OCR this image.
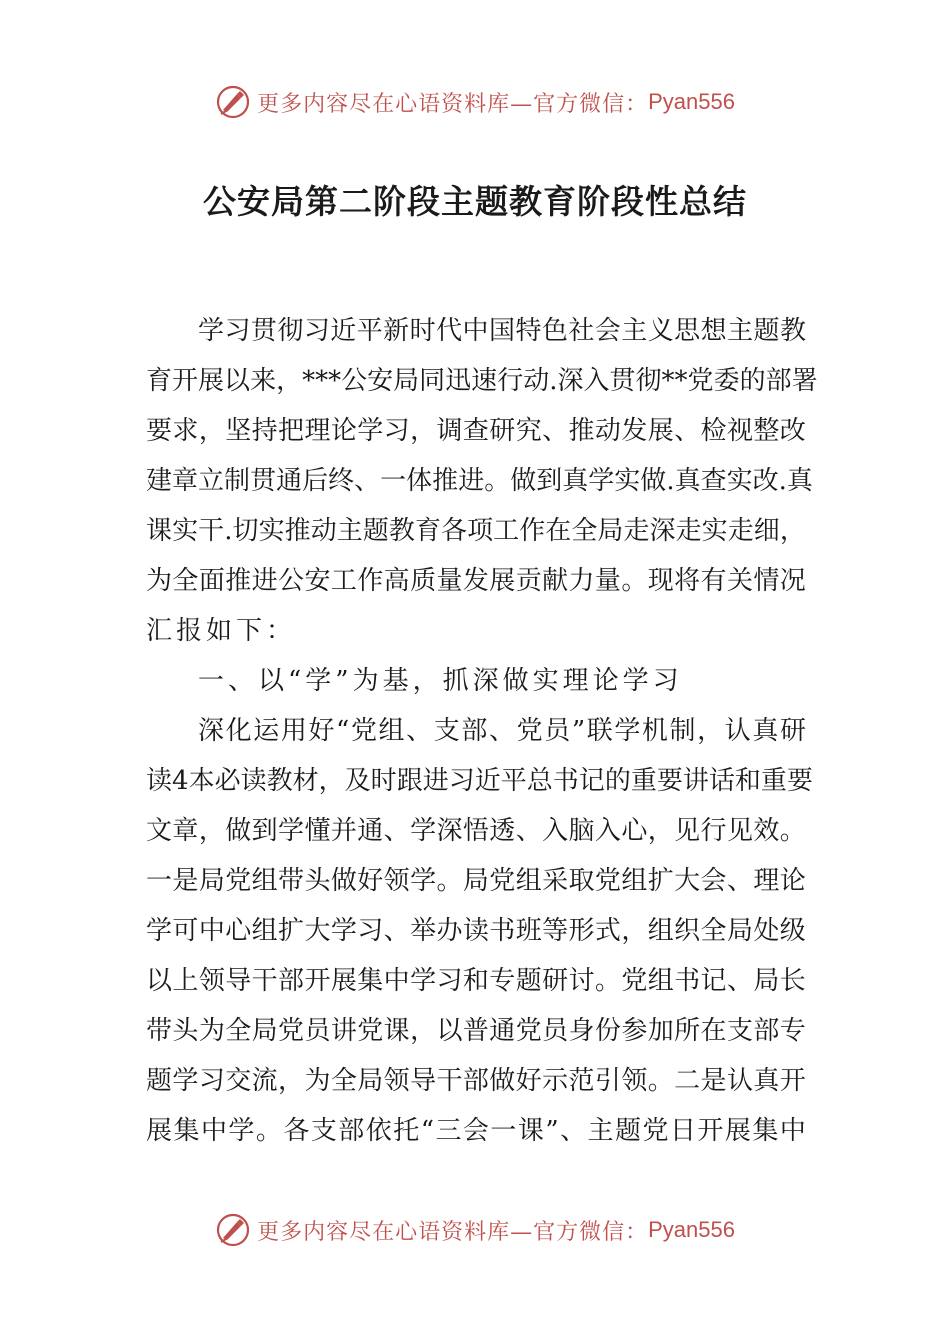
更多内容尽在心语资料库—官方微信： Pyan556
公安局第二阶段主题教育阶段性总结
学 习 贯 彻 习 近 平 新 时 代 中 国 特 色 社 会 主 义 思 想 主 题 教
育 开 展 以 来 ， * * * 公 安 局 同 迅 速 行 动 . 深 入 贯 彻 * * 党 委 的 部 署
要 求 ， 坚 持 把 理 论 学 习 ， 调 查 研 究 、 推 动 发 展 、 检 视 整 改
建 章 立 制 贯 通 后 终 、 一 体 推 进 。 做 到 真 学 实 做 . 真 查 实 改 . 真
课 实 干 . 切 实 推 动 主 题 教 育 各 项 工 作 在 全 局 走 深 走 实 走 细 ，
为 全 面 推 进 公 安 工 作 高 质 量 发 展 贡 献 力 量 。 现 将 有 关 情 况
汇报如下：
一、以“学”为基，抓深做实理论学习
深 化 运 用 好 “ 党 组 、 支 部 、 党 员 ” 联 学 机 制 ， 认 真 研
读 4 本 必 读 教 材 ， 及 时 跟 进 习 近 平 总 书 记 的 重 要 讲 话 和 重 要
文 章 ， 做 到 学 懂 并 通 、 学 深 悟 透 、 入 脑 入 心 ， 见 行 见 效 。
一 是 局 党 组 带 头 做 好 领 学 。 局 党 组 采 取 党 组 扩 大 会 、 理 论
学 可 中 心 组 扩 大 学 习 、 举 办 读 书 班 等 形 式 ， 组 织 全 局 处 级
以 上 领 导 干 部 开 展 集 中 学 习 和 专 题 研 讨 。 党 组 书 记 、 局 长
带 头 为 全 局 党 员 讲 党 课 ， 以 普 通 党 员 身 份 参 加 所 在 支 部 专
题 学 习 交 流 ， 为 全 局 领 导 干 部 做 好 示 范 引 领 。 二 是 认 真 开
展 集 中 学 。 各 支 部 依 托 “ 三 会 一 课 ” 、 主 题 党 日 开 展 集 中
更多内容尽在心语资料库—官方微信： Pyan556
